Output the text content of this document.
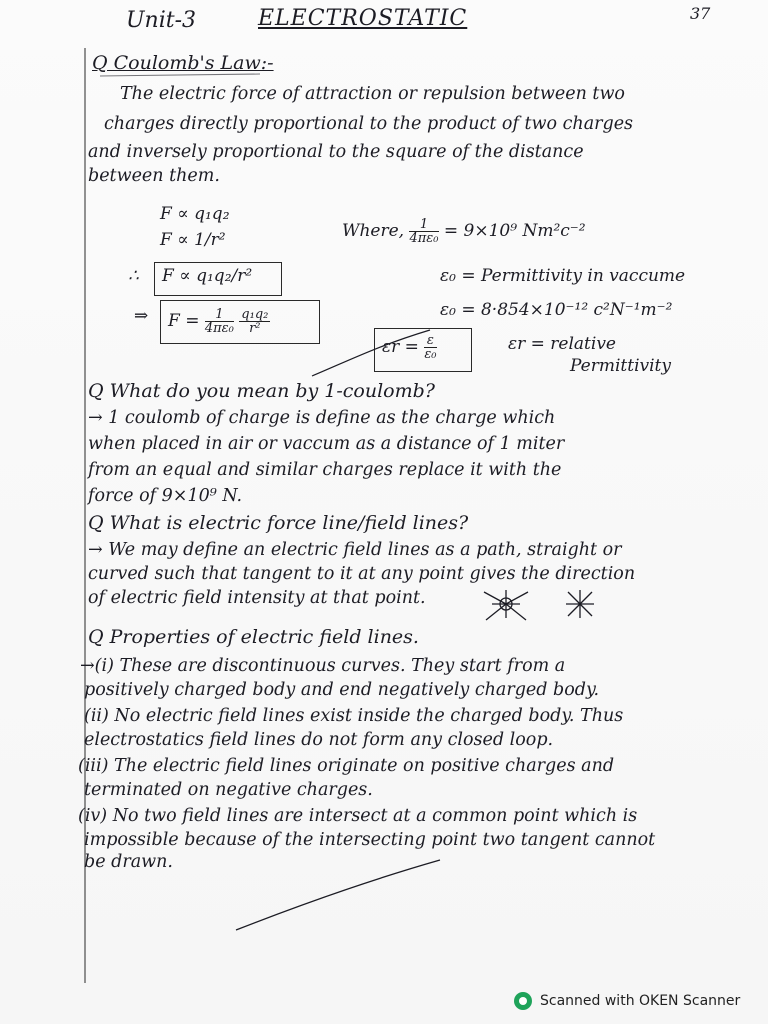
Unit-3	ELECTROSTATIC	37
Q Coulomb's Law:-
The electric force of attraction or repulsion between two
charges directly proportional to the product of two charges
and inversely proportional to the square of the distance
between them.
F ∝ q₁q₂
F ∝ 1/r²
∴ F ∝ q₁q₂/r²
⇒ $F = \frac{1}{\text{4πε₀}}$
$\frac{\text{q₁q₂}}{\text{r²}}$
Where, $\frac{1}{\text{4πε₀}} = 9\times 10^9$ Nm²c⁻²
ε₀ = Permittivity in vaccume
ε₀ = 8·854×10⁻¹² c²N⁻¹m⁻²
$\varepsilon r = \frac{\varepsilon}{\text{ε₀}}$	εr = relative
Permittivity
Q What do you mean by 1-coulomb?
→ 1 coulomb of charge is define as the charge which
when placed in air or vaccum as a distance of 1 miter
from an equal and similar charges replace it with the
force of 9×10⁹ N.
Q What is electric force line/field lines?
→ We may define an electric field lines as a path, straight or
curved such that tangent to it at any point gives the direction
of electric field intensity at that point.
Q Properties of electric field lines.
→(i) These are discontinuous curves. They start from a
positively charged body and end negatively charged body.
(ii) No electric field lines exist inside the charged body. Thus
electrostatics field lines do not form any closed loop.
(iii) The electric field lines originate on positive charges and
terminated on negative charges.
(iv) No two field lines are intersect at a common point which is
impossible because of the intersecting point two tangent cannot
be drawn.
Scanned with OKEN Scanner
